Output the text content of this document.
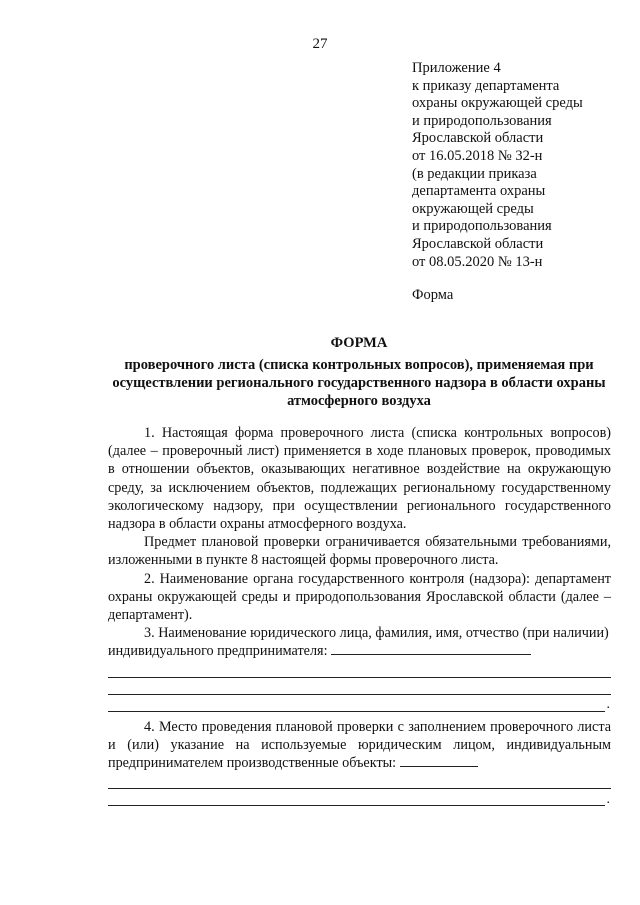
27
Приложение 4
к приказу департамента
охраны окружающей среды
и природопользования
Ярославской области
от 16.05.2018 № 32-н
(в редакции приказа
департамента охраны
окружающей среды
и природопользования
Ярославской области
от 08.05.2020 № 13-н
Форма
ФОРМА
проверочного листа (списка контрольных вопросов), применяемая при осуществлении регионального государственного надзора в области охраны атмосферного воздуха

1. Настоящая форма проверочного листа (списка контрольных вопросов) (далее – проверочный лист) применяется в ходе плановых проверок, проводимых в отношении объектов, оказывающих негативное воздействие на окружающую среду, за исключением объектов, подлежащих региональному государственному экологическому надзору, при осуществлении регионального государственного надзора в области охраны атмосферного воздуха.

Предмет плановой проверки ограничивается обязательными требованиями, изложенными в пункте 8 настоящей формы проверочного листа.

2. Наименование органа государственного контроля (надзора): департамент охраны окружающей среды и природопользования Ярославской области (далее – департамент).

3. Наименование юридического лица, фамилия, имя, отчество (при наличии) индивидуального предпринимателя:

.

4. Место проведения плановой проверки с заполнением проверочного листа и (или) указание на используемые юридическим лицом, индивидуальным предпринимателем производственные объекты:

.
